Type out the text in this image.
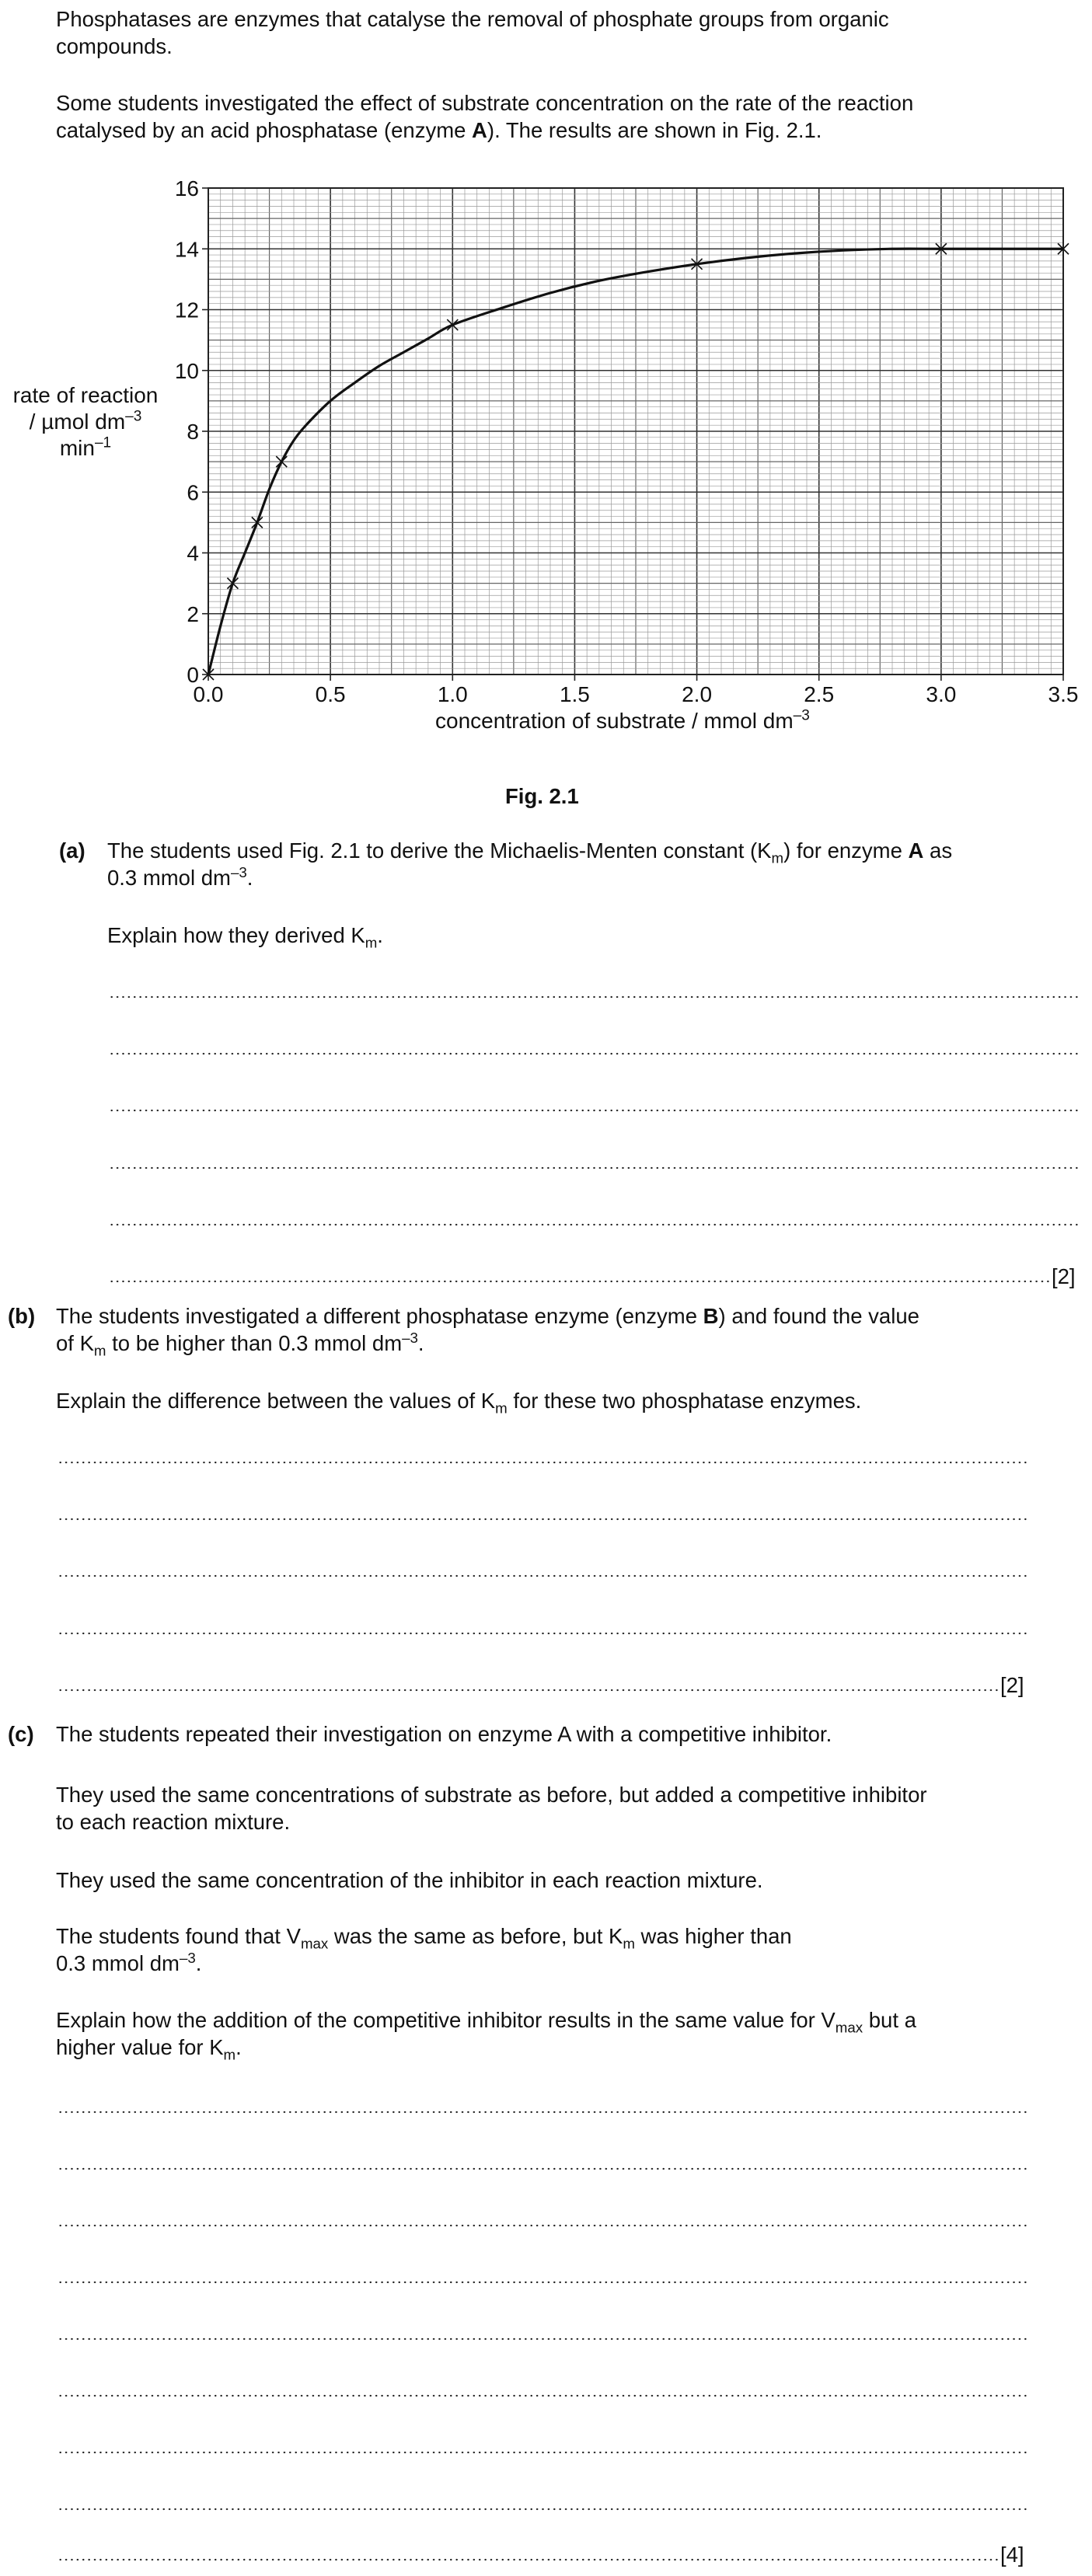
Phosphatases are enzymes that catalyse the removal of phosphate groups from organic
compounds.
Some students investigated the effect of substrate concentration on the rate of the reaction
catalysed by an acid phosphatase (enzyme A). The results are shown in Fig. 2.1.
0.0	0.5	1.0	1.5	2.0	2.5	3.0	3.5
0
2
4
6
8
10
12
14
16
rate of reaction
/ µmol $dm^{-3}$
$\min^{-1}$
concentration of substrate / mmol $dm^{-3}$
Fig. 2.1
(a) The students used Fig. 2.1 to derive the Michaelis-Menten constant $(K_m)$ for enzyme A as
0.3 mmol $dm^{-3}$.
Explain how they derived $K_m$.
[2]
(b) The students investigated a different phosphatase enzyme (enzyme B) and found the value
of $K_m$ to be higher than 0.3 mmol $dm^{-3}$.
Explain the difference between the values of $K_m$ for these two phosphatase enzymes.
[2]
(c) The students repeated their investigation on enzyme A with a competitive inhibitor.
They used the same concentrations of substrate as before, but added a competitive inhibitor
to each reaction mixture.
They used the same concentration of the inhibitor in each reaction mixture.
The students found that $V_{max}$ was the same as before, but $K_m$ was higher than
0.3 mmol $dm^{-3}$.
Explain how the addition of the competitive inhibitor results in the same value for $V_{max}$ but a
higher value for $K_m$.
[4]
